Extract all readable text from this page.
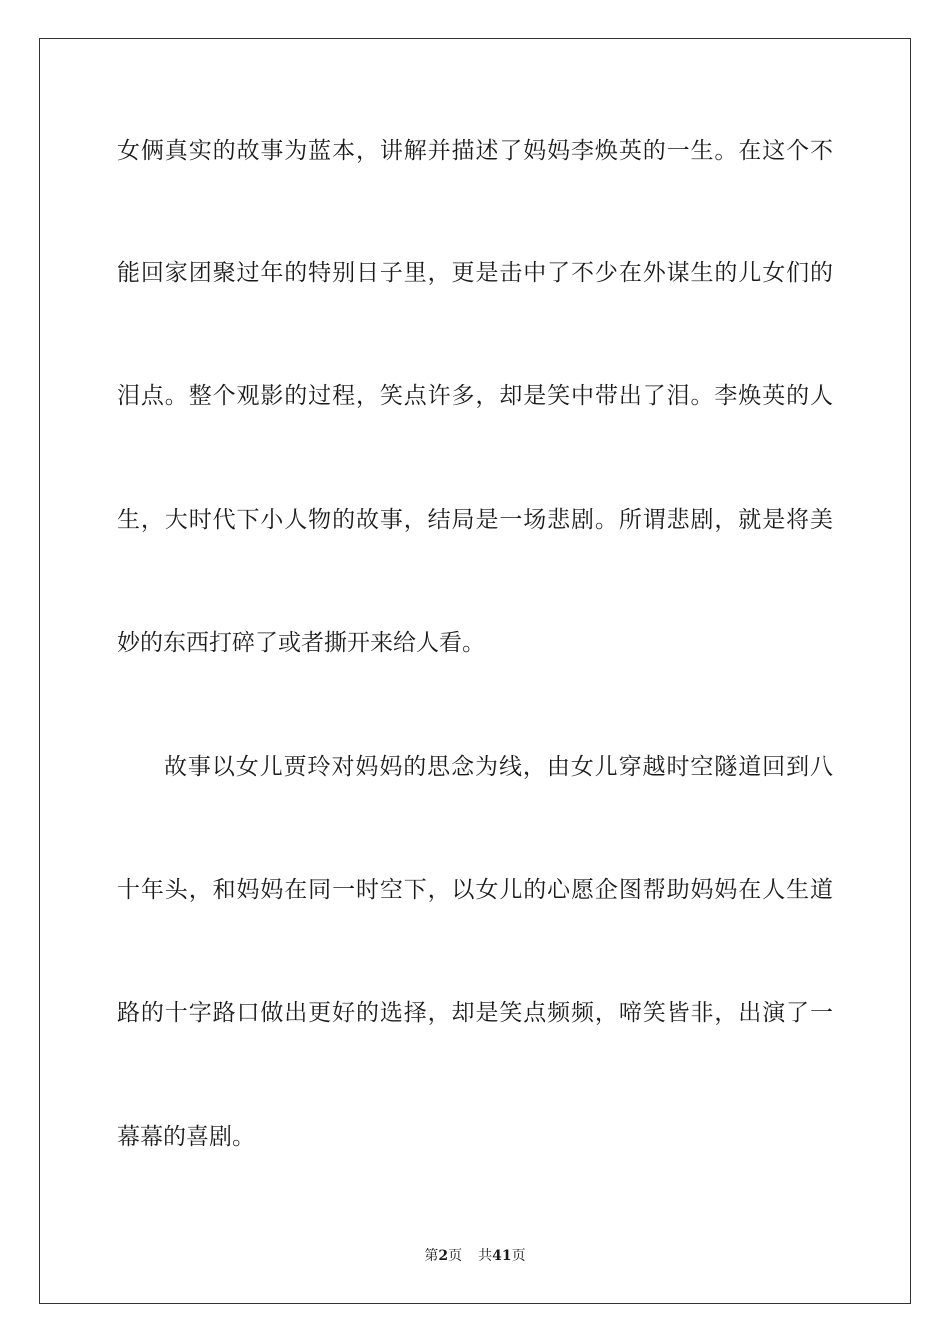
女俩真实的故事为蓝本，讲解并描述了妈妈李焕英的一生。在这个不
能回家团聚过年的特别日子里，更是击中了不少在外谋生的儿女们的
泪点。整个观影的过程，笑点许多，却是笑中带出了泪。李焕英的人
生，大时代下小人物的故事，结局是一场悲剧。所谓悲剧，就是将美
妙的东西打碎了或者撕开来给人看。
故事以女儿贾玲对妈妈的思念为线，由女儿穿越时空隧道回到八
十年头，和妈妈在同一时空下，以女儿的心愿企图帮助妈妈在人生道
路的十字路口做出更好的选择，却是笑点频频，啼笑皆非，出演了一
幕幕的喜剧。
第2页 共41页
